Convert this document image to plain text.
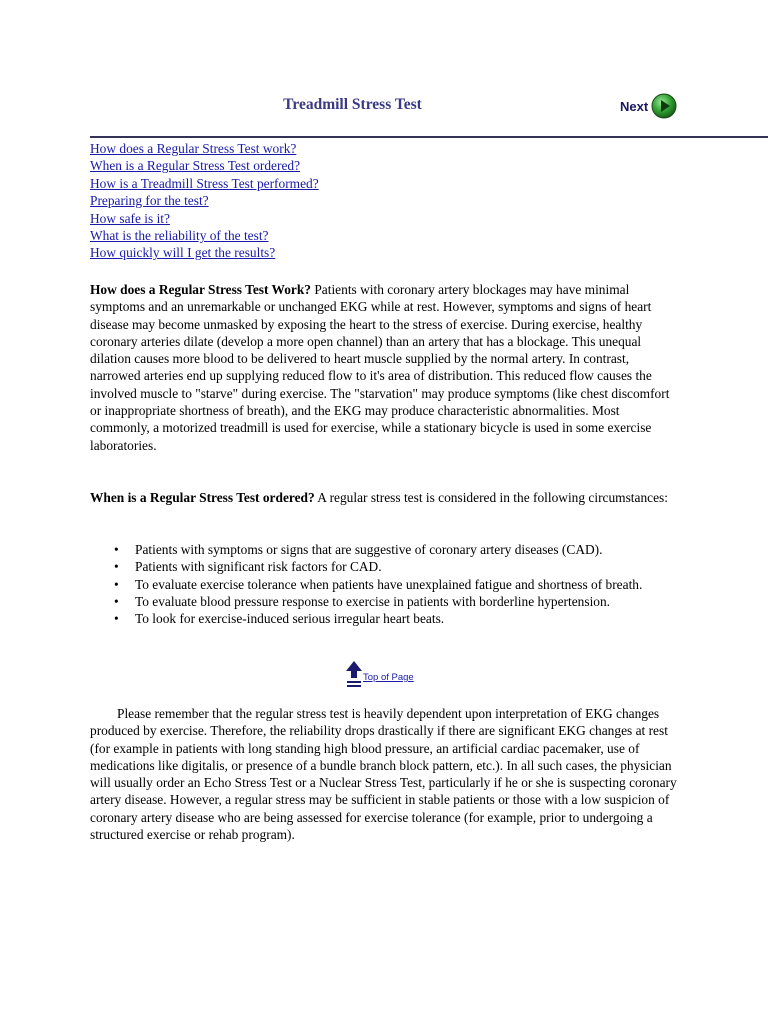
Treadmill Stress Test	Next
How does a Regular Stress Test work?
When is a Regular Stress Test ordered?
How is a Treadmill Stress Test performed?
Preparing for the test?
How safe is it?
What is the reliability of the test?
How quickly will I get the results?

How does a Regular Stress Test Work? Patients with coronary artery blockages may have minimal symptoms and an unremarkable or unchanged EKG while at rest. However, symptoms and signs of heart disease may become unmasked by exposing the heart to the stress of exercise. During exercise, healthy coronary arteries dilate (develop a more open channel) than an artery that has a blockage. This unequal dilation causes more blood to be delivered to heart muscle supplied by the normal artery. In contrast, narrowed arteries end up supplying reduced flow to it's area of distribution. This reduced flow causes the involved muscle to "starve" during exercise. The "starvation" may produce symptoms (like chest discomfort or inappropriate shortness of breath), and the EKG may produce characteristic abnormalities. Most commonly, a motorized treadmill is used for exercise, while a stationary bicycle is used in some exercise laboratories.

When is a Regular Stress Test ordered? A regular stress test is considered in the following circumstances:

• Patients with symptoms or signs that are suggestive of coronary artery diseases (CAD).
• Patients with significant risk factors for CAD.
• To evaluate exercise tolerance when patients have unexplained fatigue and shortness of breath.
• To evaluate blood pressure response to exercise in patients with borderline hypertension.
• To look for exercise-induced serious irregular heart beats.
Top of Page

Please remember that the regular stress test is heavily dependent upon interpretation of EKG changes produced by exercise. Therefore, the reliability drops drastically if there are significant EKG changes at rest (for example in patients with long standing high blood pressure, an artificial cardiac pacemaker, use of medications like digitalis, or presence of a bundle branch block pattern, etc.). In all such cases, the physician will usually order an Echo Stress Test or a Nuclear Stress Test, particularly if he or she is suspecting coronary artery disease. However, a regular stress may be sufficient in stable patients or those with a low suspicion of coronary artery disease who are being assessed for exercise tolerance (for example, prior to undergoing a structured exercise or rehab program).
